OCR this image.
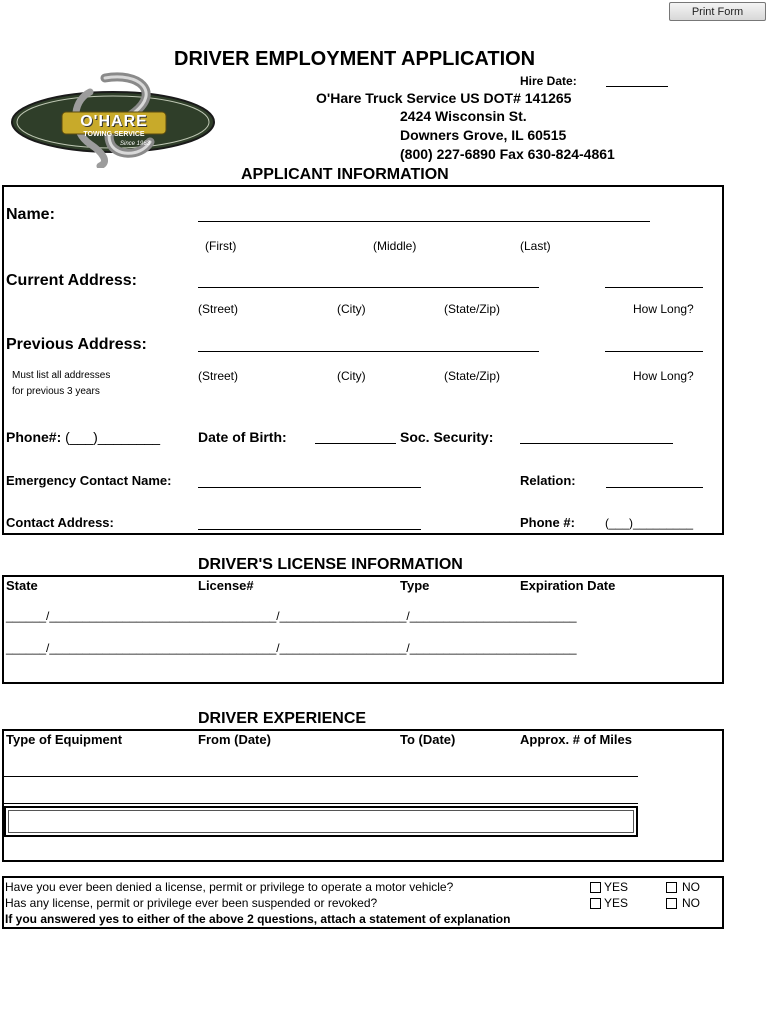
Print Form
O'HARE
TOWING SERVICE
Since 1963
DRIVER EMPLOYMENT APPLICATION
Hire Date:
O'Hare Truck Service US DOT# 141265
2424 Wisconsin St.
Downers Grove, IL 60515
(800) 227-6890 Fax 630-824-4861
APPLICANT INFORMATION
Name:
(First)	(Middle)	(Last)
Current Address:
(Street)	(City)	(State/Zip)	How Long?
Previous Address:
Must list all addresses
for previous 3 years
(Street)	(City)	(State/Zip)	How Long?
Phone#: (___)________	Date of Birth:	Soc. Security:
Emergency Contact Name:	Relation:
Contact Address:	Phone #:	(___)_________
DRIVER'S LICENSE INFORMATION
State	License#	Type	Expiration Date
______/__________________________________/___________________/_________________________
______/__________________________________/___________________/_________________________
DRIVER EXPERIENCE
Type of Equipment	From (Date)	To (Date)	Approx. # of Miles
Have you ever been denied a license, permit or privilege to operate a motor vehicle?
Has any license, permit or privilege ever been suspended or revoked?
If you answered yes to either of the above 2 questions, attach a statement of explanation
YES	NO
YES	NO
